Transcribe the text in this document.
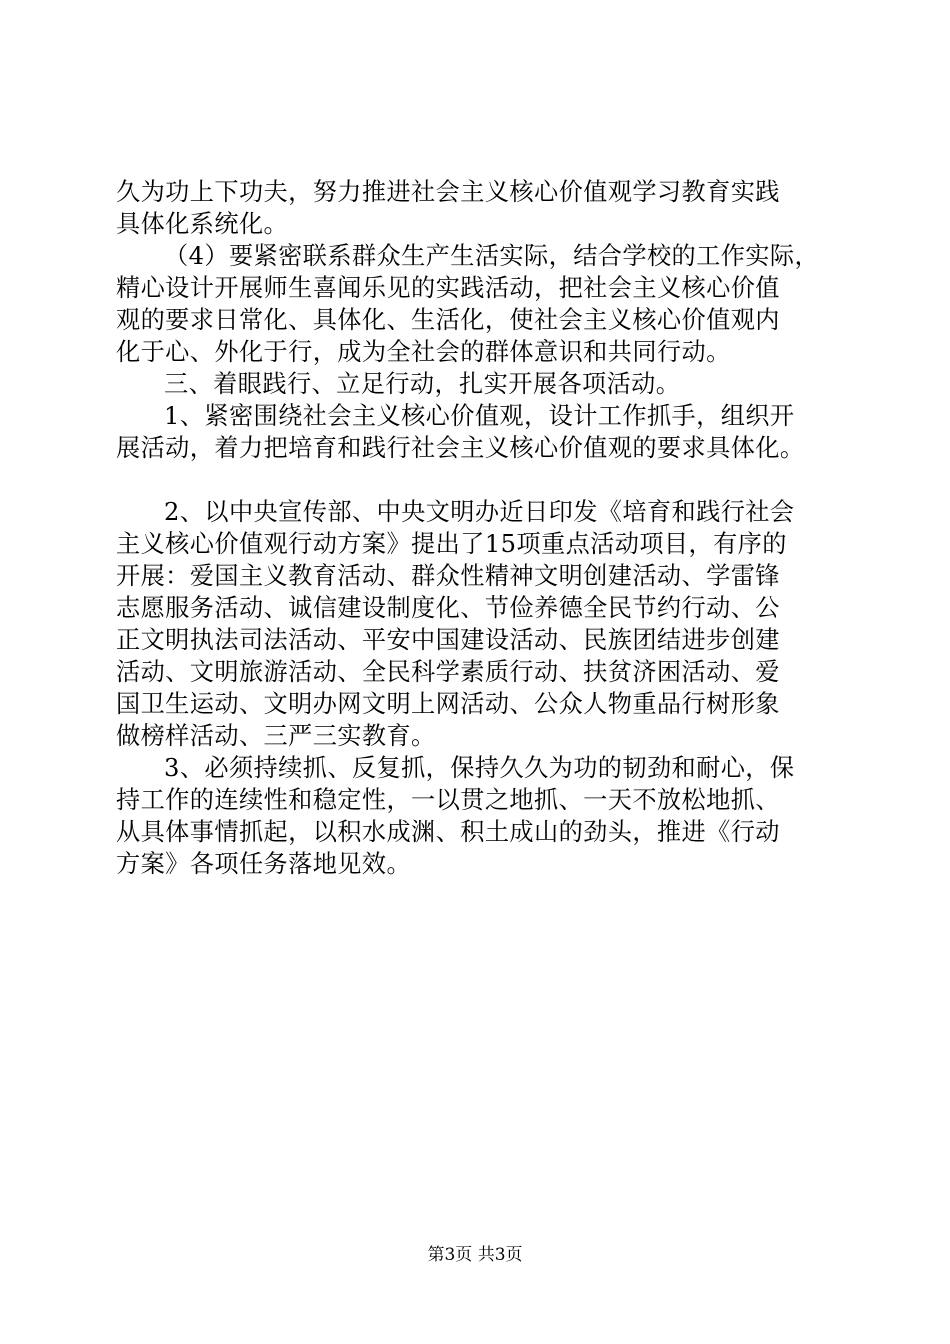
久为功上下功夫，努力推进社会主义核心价值观学习教育实践
具体化系统化。
（4）要紧密联系群众生产生活实际，结合学校的工作实际，
精心设计开展师生喜闻乐见的实践活动，把社会主义核心价值
观的要求日常化、具体化、生活化，使社会主义核心价值观内
化于心、外化于行，成为全社会的群体意识和共同行动。
三、着眼践行、立足行动，扎实开展各项活动。
1、紧密围绕社会主义核心价值观，设计工作抓手，组织开
展活动，着力把培育和践行社会主义核心价值观的要求具体化。
2、以中央宣传部、中央文明办近日印发《培育和践行社会
主义核心价值观行动方案》提出了15项重点活动项目，有序的
开展：爱国主义教育活动、群众性精神文明创建活动、学雷锋
志愿服务活动、诚信建设制度化、节俭养德全民节约行动、公
正文明执法司法活动、平安中国建设活动、民族团结进步创建
活动、文明旅游活动、全民科学素质行动、扶贫济困活动、爱
国卫生运动、文明办网文明上网活动、公众人物重品行树形象
做榜样活动、三严三实教育。
3、必须持续抓、反复抓，保持久久为功的韧劲和耐心，保
持工作的连续性和稳定性，一以贯之地抓、一天不放松地抓、
从具体事情抓起，以积水成渊、积土成山的劲头，推进《行动
方案》各项任务落地见效。
第3页 共3页
